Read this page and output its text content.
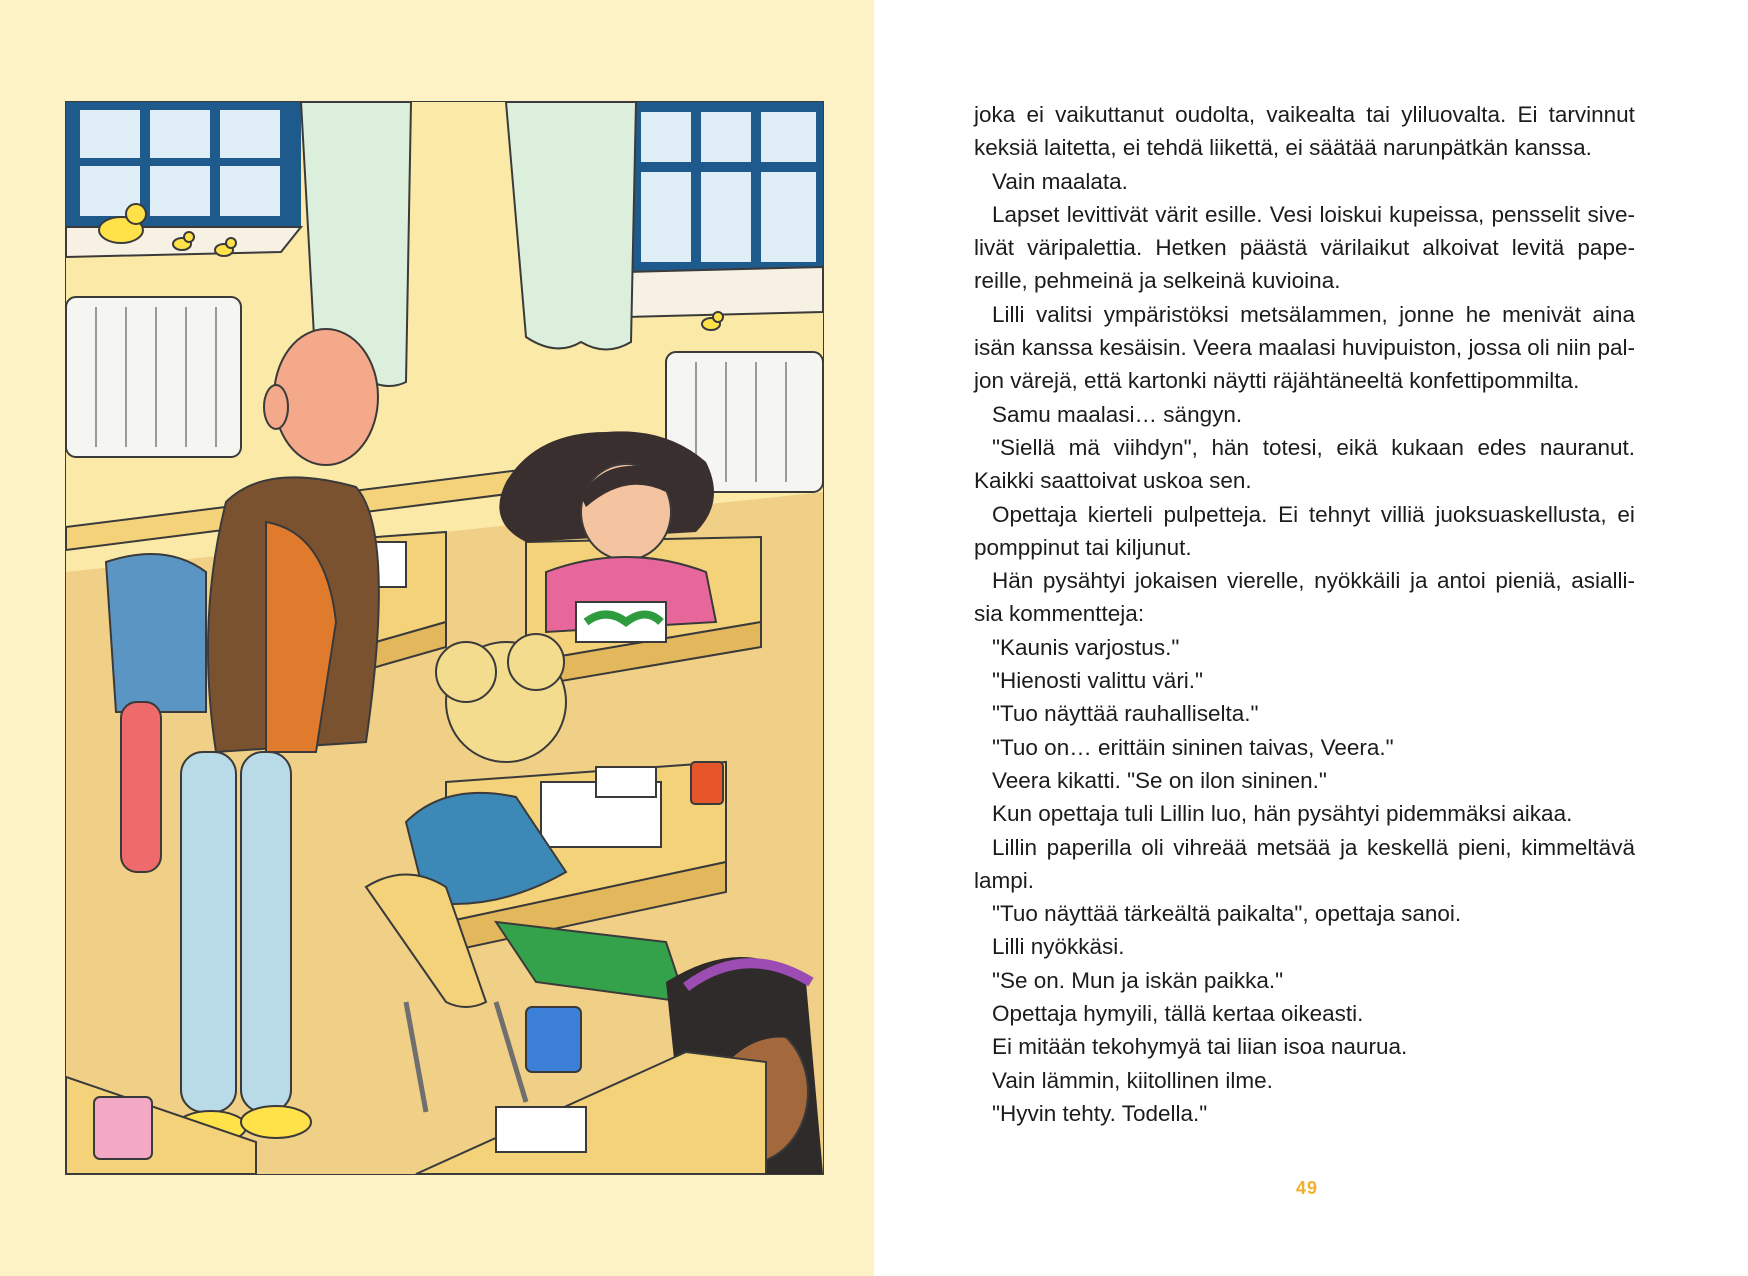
joka ei vaikuttanut oudolta, vaikealta tai yliluovalta. Ei tarvinnut
keksiä laitetta, ei tehdä liikettä, ei säätää narunpätkän kanssa.
Vain maalata.
Lapset levittivät värit esille. Vesi loiskui kupeissa, pensselit sive-
livät väripalettia. Hetken päästä värilaikut alkoivat levitä pape-
reille, pehmeinä ja selkeinä kuvioina.
Lilli valitsi ympäristöksi metsälammen, jonne he menivät aina
isän kanssa kesäisin. Veera maalasi huvipuiston, jossa oli niin pal-
jon värejä, että kartonki näytti räjähtäneeltä konfettipommilta.
Samu maalasi… sängyn.
"Siellä mä viihdyn", hän totesi, eikä kukaan edes nauranut.
Kaikki saattoivat uskoa sen.
Opettaja kierteli pulpetteja. Ei tehnyt villiä juoksuaskellusta, ei
pomppinut tai kiljunut.
Hän pysähtyi jokaisen vierelle, nyökkäili ja antoi pieniä, asialli-
sia kommentteja:
"Kaunis varjostus."
"Hienosti valittu väri."
"Tuo näyttää rauhalliselta."
"Tuo on… erittäin sininen taivas, Veera."
Veera kikatti. "Se on ilon sininen."
Kun opettaja tuli Lillin luo, hän pysähtyi pidemmäksi aikaa.
Lillin paperilla oli vihreää metsää ja keskellä pieni, kimmeltävä
lampi.
"Tuo näyttää tärkeältä paikalta", opettaja sanoi.
Lilli nyökkäsi.
"Se on. Mun ja iskän paikka."
Opettaja hymyili, tällä kertaa oikeasti.
Ei mitään tekohymyä tai liian isoa naurua.
Vain lämmin, kiitollinen ilme.
"Hyvin tehty. Todella."
49
